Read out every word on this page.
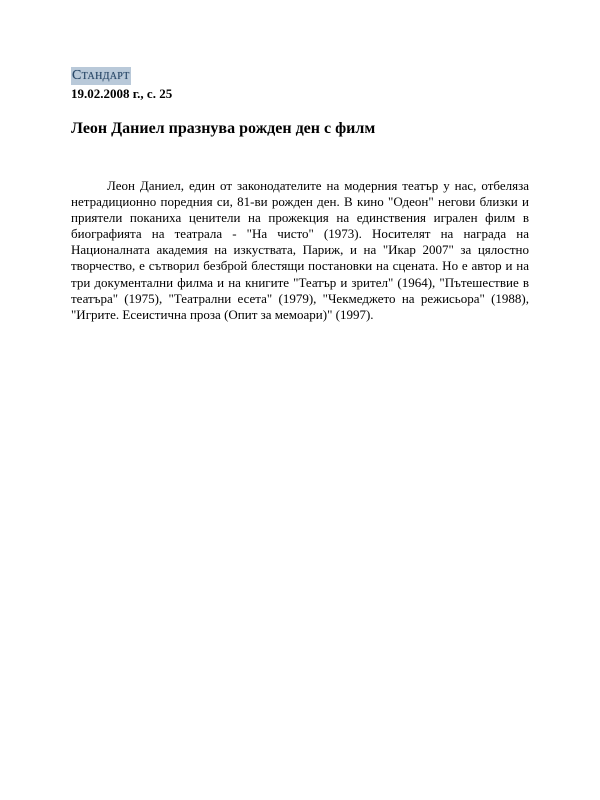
Стандарт
19.02.2008 г., с. 25
Леон Даниел празнува рожден ден с филм

Леон Даниел, един от законодателите на модерния театър у нас, отбеляза нетрадиционно поредния си, 81-ви рожден ден. В кино "Одеон" негови близки и приятели поканиха ценители на прожекция на единствения игрален филм в биографията на театрала - "На чисто" (1973). Носителят на награда на Националната академия на изкуствата, Париж, и на "Икар 2007" за цялостно творчество, е сътворил безброй блестящи постановки на сцената. Но е автор и на три документални филма и на книгите "Театър и зрител" (1964), "Пътешествие в театъра" (1975), "Театрални есета" (1979), "Чекмеджето на режисьора" (1988), "Игрите. Есеистична проза (Опит за мемоари)" (1997).
